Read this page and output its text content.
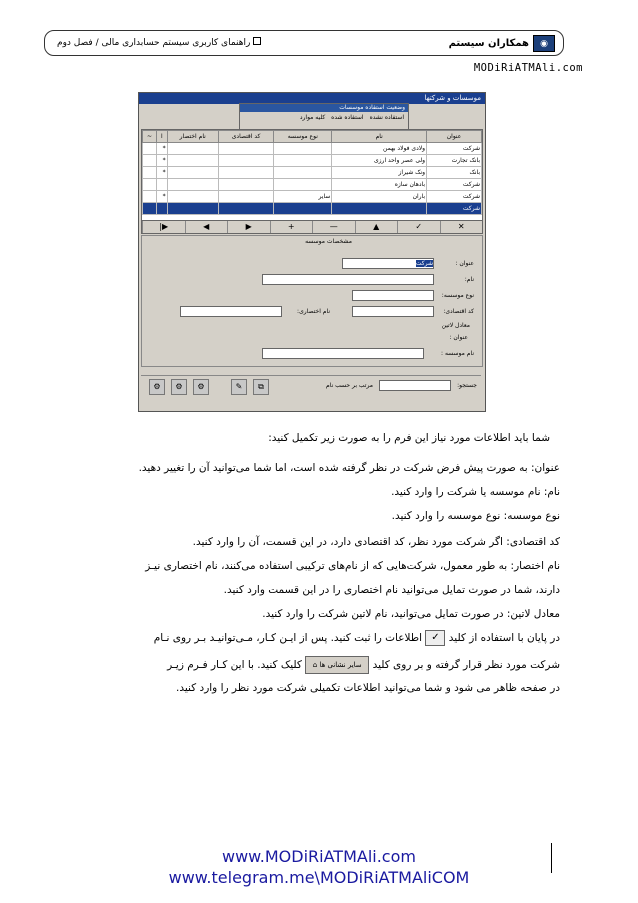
◉
همکاران سیستم
راهنمای کاربری سیستم حسابداری مالی / فصل دوم
MODiRiATMAli.com
موسسات و شرکتها
وضعیت استفاده موسسات
استفاده نشده
استفاده شده
کلیه موارد
عنوان	نام	نوع موسسه	کد اقتصادی	نام اختصار	ا	~
شرکت	ولادی فولاد بهمن				*	
بانک تجارت	ولی عصر واحد ارزی				*	
بانک	ونک شیراز				*	
شرکت	بادهان سازه					
شرکت	باران	سایر			*	
شرکت						
✕
✓
▲
—
+
▶
◀
▶|
مشخصات موسسه
عنوان :
شرکت
نام:
نوع موسسه:
کد اقتصادی:
نام اختصاری:
معادل لاتین
عنوان :
نام موسسه :
جستجو:
مرتب بر حسب نام
⧉
✎
⚙
⚙
⚙
شما باید اطلاعات مورد نیاز این فرم را به صورت زیر تکمیل کنید:
عنوان: به صورت پیش فرض شرکت در نظر گرفته شده است، اما شما می‌توانید آن را تغییر دهید.
نام: نام موسسه یا شرکت را وارد کنید.
نوع موسسه: نوع موسسه را وارد کنید.
کد اقتصادی: اگر شرکت مورد نظر، کد اقتصادی دارد، در این قسمت، آن را وارد کنید.
نام اختصار: به طور معمول، شرکت‌هایی که از نام‌های ترکیبی استفاده می‌کنند، نام اختصاری نیـز
دارند، شما در صورت تمایل می‌توانید نام اختصاری را در این قسمت وارد کنید.
معادل لاتین: در صورت تمایل می‌توانید، نام لاتین شرکت را وارد کنید.
در پایان با استفاده از کلید ✓ اطلاعات را ثبت کنید. پس از ایـن کـار، مـی‌توانیـد بـر روی نـام
شرکت مورد نظر قرار گرفته و بر روی کلید سایر نشانی ها ⌂ کلیک کنید. با این کـار فـرم زیـر
در صفحه ظاهر می شود و شما می‌توانید اطلاعات تکمیلی شرکت مورد نظر را وارد کنید.
www.MODiRiATMAli.com
www.telegram.me\MODiRiATMAliCOM
